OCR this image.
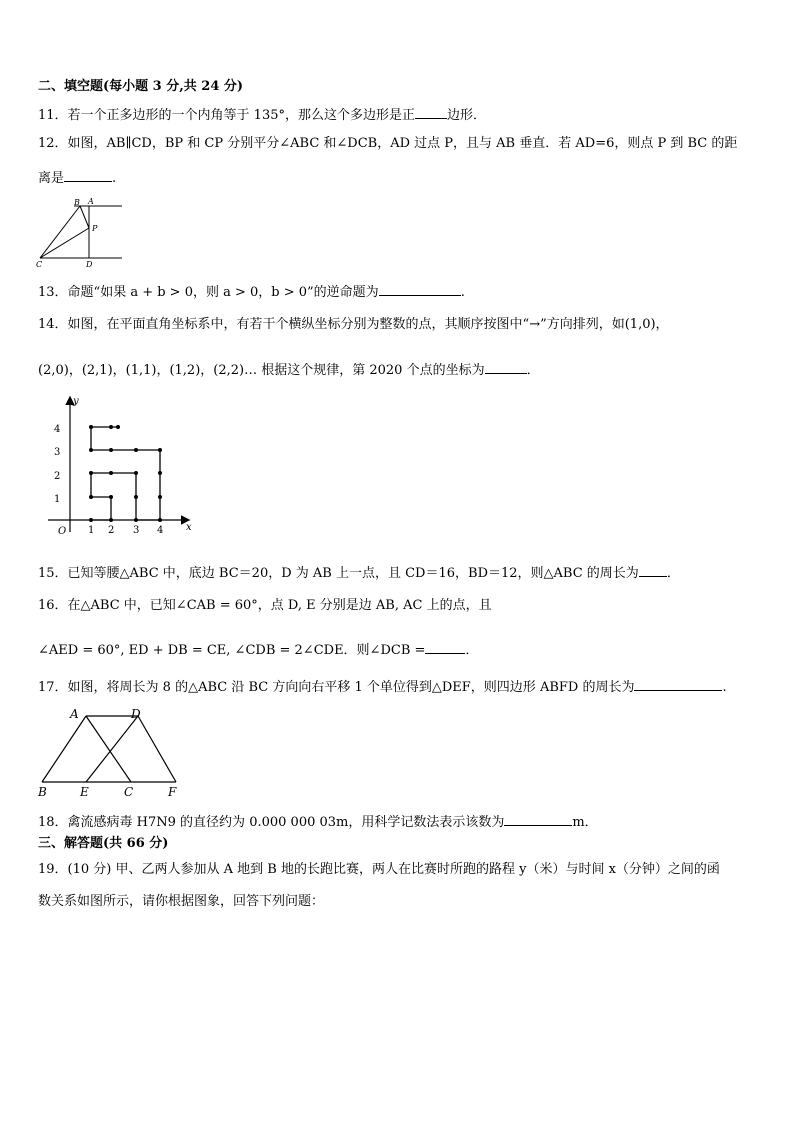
二、填空题(每小题 3 分,共 24 分)
11．若一个正多边形的一个内角等于 135°，那么这个多边形是正 边形．
12．如图，AB∥CD，BP 和 CP 分别平分∠ABC 和∠DCB，AD 过点 P，且与 AB 垂直．若 AD=6，则点 P 到 BC 的距
离是	.
B A
P
C	D
13．命题“如果 a + b > 0，则 a > 0，b > 0”的逆命题为	.
14．如图，在平面直角坐标系中，有若干个横纵坐标分别为整数的点，其顺序按图中“→”方向排列，如(1,0)，
(2,0)，(2,1)，(1,1)，(1,2)，(2,2)… 根据这个规律，第 2020 个点的坐标为	．
x
y
O 1 2 3 4
1
2
3
4
15．已知等腰△ABC 中，底边 BC＝20，D 为 AB 上一点，且 CD＝16，BD＝12，则△ABC 的周长为 ．
16．在△ABC 中，已知∠CAB = 60°，点 D, E 分别是边 AB, AC 上的点，且
∠AED = 60°, ED + DB = CE, ∠CDB = 2∠CDE．则∠DCB =	．
17．如图，将周长为 8 的△ABC 沿 BC 方向向右平移 1 个单位得到△DEF，则四边形 ABFD 的周长为	.
A	D
B	E	C	F
18．禽流感病毒 H7N9 的直径约为 0.000 000 03m，用科学记数法表示该数为	m．
三、解答题(共 66 分)
19．(10 分) 甲、乙两人参加从 A 地到 B 地的长跑比赛，两人在比赛时所跑的路程 y（米）与时间 x（分钟）之间的函
数关系如图所示，请你根据图象，回答下列问题：
